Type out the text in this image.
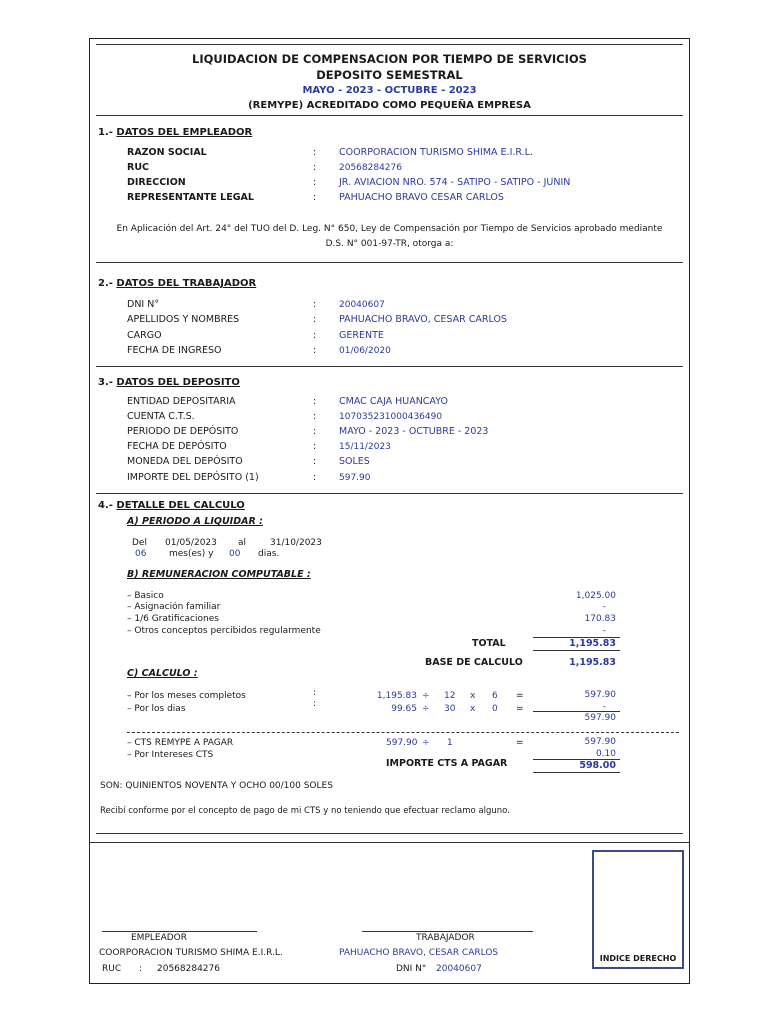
LIQUIDACION DE COMPENSACION POR TIEMPO DE SERVICIOS
DEPOSITO SEMESTRAL
MAYO - 2023 - OCTUBRE - 2023
(REMYPE) ACREDITADO COMO PEQUEÑA EMPRESA
1.- DATOS DEL EMPLEADOR
RAZON SOCIAL	: COORPORACION TURISMO SHIMA E.I.R.L.
RUC	:	20568284276
DIRECCION	: JR. AVIACION NRO. 574 - SATIPO - SATIPO - JUNIN
REPRESENTANTE LEGAL	: PAHUACHO BRAVO CESAR CARLOS
En Aplicación del Art. 24° del TUO del D. Leg. N° 650, Ley de Compensación por Tiempo de Servicios aprobado mediante
D.S. N° 001-97-TR, otorga a:
2.- DATOS DEL TRABAJADOR
DNI N°	:	20040607
APELLIDOS Y NOMBRES	: PAHUACHO BRAVO, CESAR CARLOS
CARGO	: GERENTE
FECHA DE INGRESO	:	01/06/2020
3.- DATOS DEL DEPOSITO
ENTIDAD DEPOSITARIA	: CMAC CAJA HUANCAYO
CUENTA C.T.S.	:	107035231000436490
PERIODO DE DEPÓSITO	: MAYO - 2023 - OCTUBRE - 2023
FECHA DE DEPÓSITO	:	15/11/2023
MONEDA DEL DEPÓSITO	: SOLES
IMPORTE DEL DEPÓSITO (1)	:	597.90
4.- DETALLE DEL CALCULO
A) PERIODO A LIQUIDAR :
Del 01/05/2023 al	31/10/2023
06	mes(es) y 00 dias.
B) REMUNERACION COMPUTABLE :
– Basico	1,025.00
– Asignación familiar	-
– 1/6 Gratificaciones	170.83
– Otros conceptos percibidos regularmente	-
TOTAL	1,195.83
BASE DE CALCULO	1,195.83
C) CALCULO :
– Por los meses completos	:	1,195.83 ÷ 12 x 6 =	597.90
– Por los dias	:	99.65 ÷ 30 x 0 =	-
597.90
– CTS REMYPE A PAGAR	597.90 ÷ 1	=	597.90
– Por Intereses CTS	0.10
IMPORTE CTS A PAGAR	598.00
SON: QUINIENTOS NOVENTA Y OCHO 00/100 SOLES
Recibí conforme por el concepto de pago de mi CTS y no teniendo que efectuar reclamo alguno.
INDICE DERECHO
EMPLEADOR
COORPORACION TURISMO SHIMA E.I.R.L.
RUC : 20568284276
TRABAJADOR
PAHUACHO BRAVO, CESAR CARLOS
DNI N° 20040607
